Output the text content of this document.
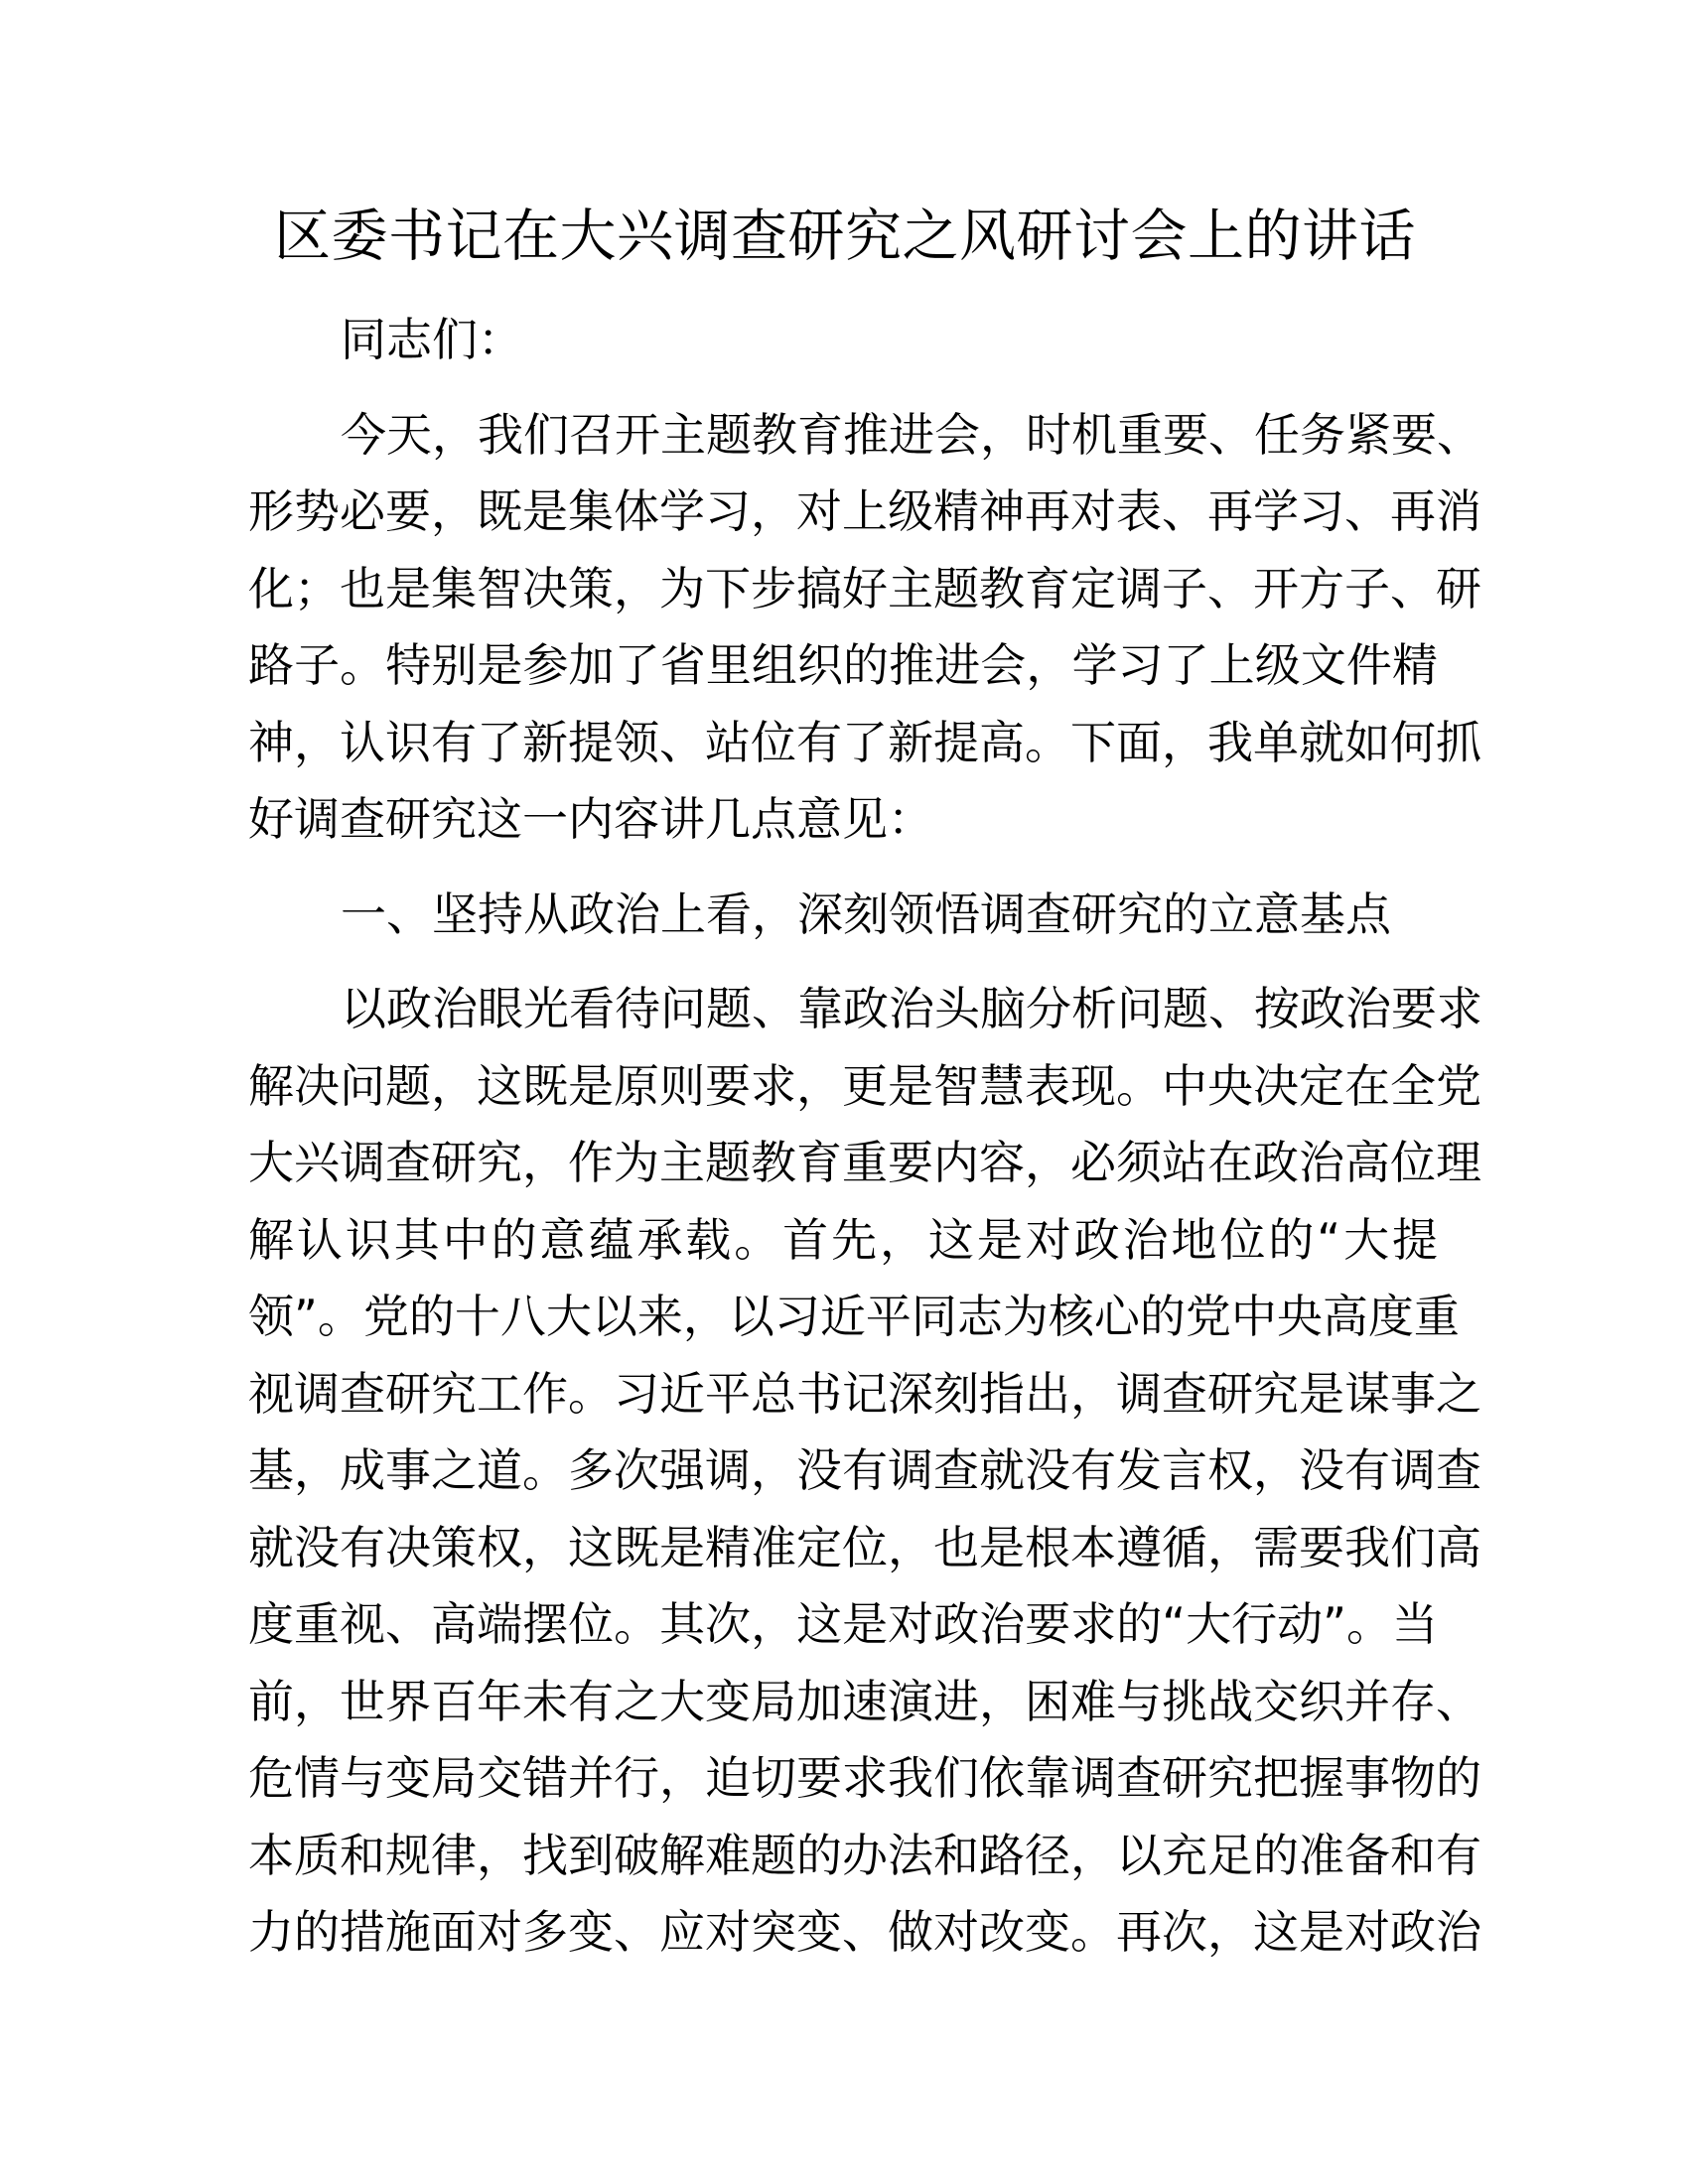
区委书记在大兴调查研究之风研讨会上的讲话

同志们：

今天，我们召开主题教育推进会，时机重要、任务紧要、
形势必要，既是集体学习，对上级精神再对表、再学习、再消
化；也是集智决策，为下步搞好主题教育定调子、开方子、研
路子。特别是参加了省里组织的推进会，学习了上级文件精
神，认识有了新提领、站位有了新提高。下面，我单就如何抓
好调查研究这一内容讲几点意见：

一、坚持从政治上看，深刻领悟调查研究的立意基点

以政治眼光看待问题、靠政治头脑分析问题、按政治要求
解决问题，这既是原则要求，更是智慧表现。中央决定在全党
大兴调查研究，作为主题教育重要内容，必须站在政治高位理
解认识其中的意蕴承载。首先，这是对政治地位的“大提
领”。党的十八大以来，以习近平同志为核心的党中央高度重
视调查研究工作。习近平总书记深刻指出，调查研究是谋事之
基，成事之道。多次强调，没有调查就没有发言权，没有调查
就没有决策权，这既是精准定位，也是根本遵循，需要我们高
度重视、高端摆位。其次，这是对政治要求的“大行动”。当
前，世界百年未有之大变局加速演进，困难与挑战交织并存、
危情与变局交错并行，迫切要求我们依靠调查研究把握事物的
本质和规律，找到破解难题的办法和路径，以充足的准备和有
力的措施面对多变、应对突变、做对改变。再次，这是对政治
